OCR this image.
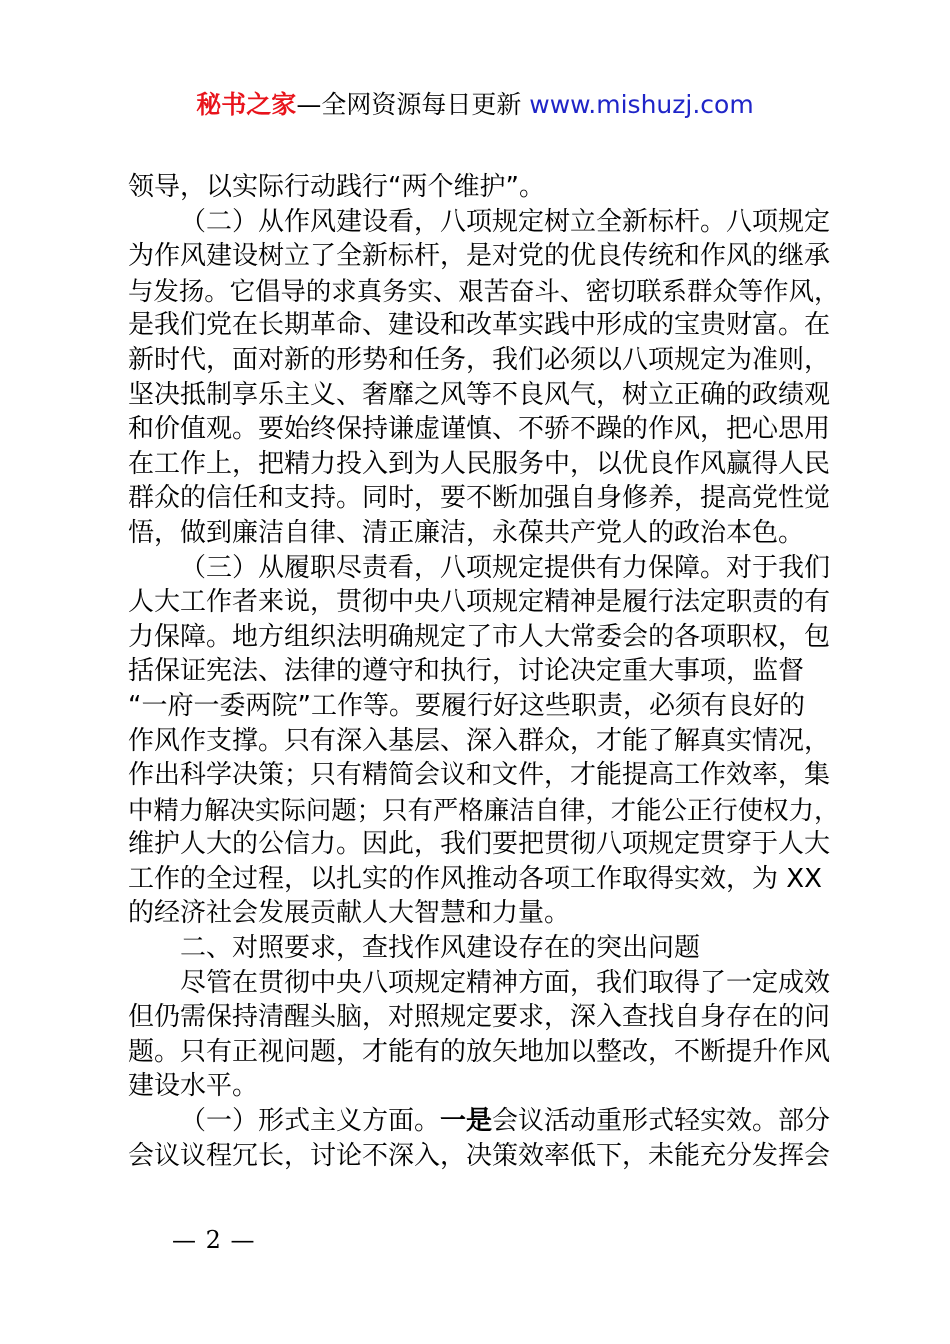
秘书之家—全网资源每日更新 www.mishuzj.com
领导，以实际行动践行“两个维护”。
（二）从作风建设看，八项规定树立全新标杆。八项规定
为作风建设树立了全新标杆，是对党的优良传统和作风的继承
与发扬。它倡导的求真务实、艰苦奋斗、密切联系群众等作风，
是我们党在长期革命、建设和改革实践中形成的宝贵财富。在
新时代，面对新的形势和任务，我们必须以八项规定为准则，
坚决抵制享乐主义、奢靡之风等不良风气，树立正确的政绩观
和价值观。要始终保持谦虚谨慎、不骄不躁的作风，把心思用
在工作上，把精力投入到为人民服务中，以优良作风赢得人民
群众的信任和支持。同时，要不断加强自身修养，提高党性觉
悟，做到廉洁自律、清正廉洁，永葆共产党人的政治本色。
（三）从履职尽责看，八项规定提供有力保障。对于我们
人大工作者来说，贯彻中央八项规定精神是履行法定职责的有
力保障。地方组织法明确规定了市人大常委会的各项职权，包
括保证宪法、法律的遵守和执行，讨论决定重大事项，监督
“一府一委两院”工作等。要履行好这些职责，必须有良好的
作风作支撑。只有深入基层、深入群众，才能了解真实情况，
作出科学决策；只有精简会议和文件，才能提高工作效率，集
中精力解决实际问题；只有严格廉洁自律，才能公正行使权力，
维护人大的公信力。因此，我们要把贯彻八项规定贯穿于人大
工作的全过程，以扎实的作风推动各项工作取得实效，为 XX
的经济社会发展贡献人大智慧和力量。
二、对照要求，查找作风建设存在的突出问题
尽管在贯彻中央八项规定精神方面，我们取得了一定成效
但仍需保持清醒头脑，对照规定要求，深入查找自身存在的问
题。只有正视问题，才能有的放矢地加以整改，不断提升作风
建设水平。
（一）形式主义方面。一是会议活动重形式轻实效。部分
会议议程冗长，讨论不深入，决策效率低下，未能充分发挥会
— 2 —
